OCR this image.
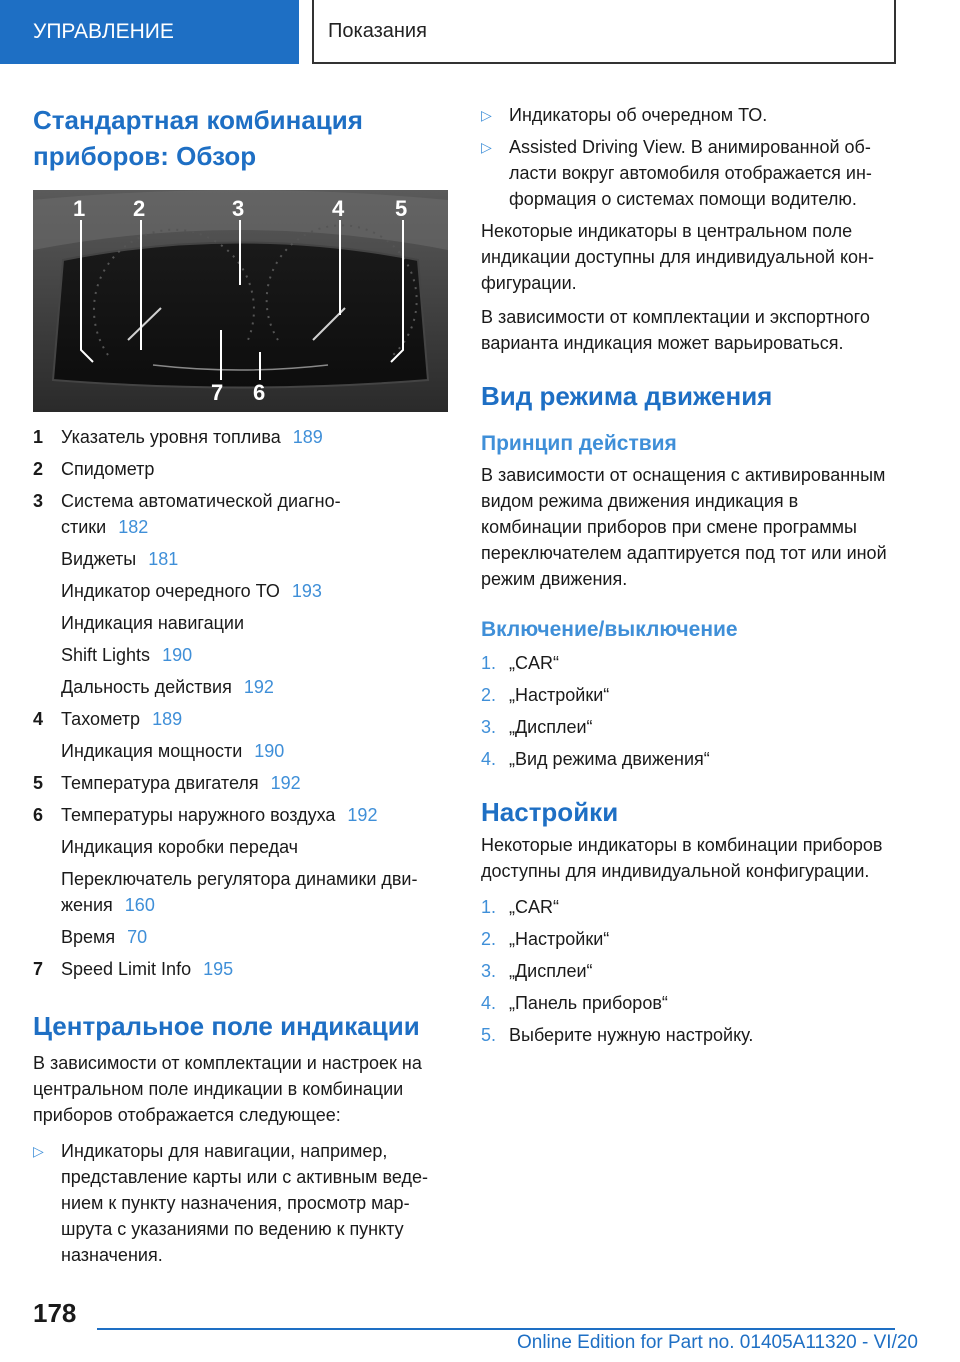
УПРАВЛЕНИЕ	Показания
Стандартная комбинация
приборов: Обзор
1 2	3	4 5
7 6
1 Указатель уровня топлива 189
2 Спидометр
3 Система автоматической диагно-
стики 182
Виджеты 181
Индикатор очередного ТО 193
Индикация навигации
Shift Lights 190
Дальность действия 192
4 Тахометр 189
Индикация мощности 190
5 Температура двигателя 192
6 Температуры наружного воздуха 192
Индикация коробки передач
Переключатель регулятора динамики дви-
жения 160
Время 70
7 Speed Limit Info 195
Центральное поле индикации

В зависимости от комплектации и настроек на центральном поле индикации в комбинации приборов отображается следующее:

▷ Индикаторы для навигации, например, представление карты или с активным ведением к пункту назначения, просмотр маршрута с указаниями по ведению к пункту назначения.
▷ Индикаторы об очередном ТО.
▷ Assisted Driving View. В анимированной области вокруг автомобиля отображается информация о системах помощи водителю.

Некоторые индикаторы в центральном поле индикации доступны для индивидуальной конфигурации.

В зависимости от комплектации и экспортного варианта индикация может варьироваться.

Вид режима движения
Принцип действия

В зависимости от оснащения с активированным видом режима движения индикация в комбинации приборов при смене программы переключателем адаптируется под тот или иной режим движения.

Включение/выключение
1. „CAR“
2. „Настройки“
3. „Дисплеи“
4. „Вид режима движения“
Настройки

Некоторые индикаторы в комбинации приборов доступны для индивидуальной конфигурации.

1. „CAR“
2. „Настройки“
3. „Дисплеи“
4. „Панель приборов“
5. Выберите нужную настройку.
178
Online Edition for Part no. 01405A11320 - VI/20
